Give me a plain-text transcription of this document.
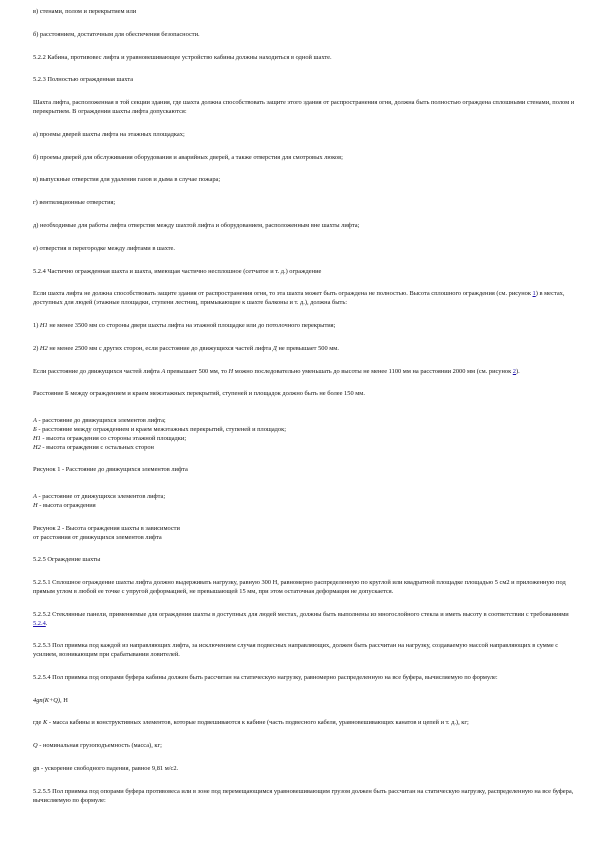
в) стенами, полом и перекрытием или

б) расстоянием, достаточным для обеспечения безопасности.

5.2.2 Кабина, противовес лифта и уравновешивающее устройство кабины должны находиться в одной шахте.

5.2.3 Полностью огражденная шахта

Шахта лифта, расположенная в той секции здания, где шахта должна способствовать защите этого здания от распространения огня, должна быть полностью ограждена сплошными стенами, полом и перекрытием. В ограждении шахты лифта допускаются:

а) проемы дверей шахты лифта на этажных площадках;

б) проемы дверей для обслуживания оборудования и аварийных дверей, а также отверстия для смотровых люков;

в) выпускные отверстия для удаления газов и дыма в случае пожара;

г) вентиляционные отверстия;

д) необходимые для работы лифта отверстия между шахтой лифта и оборудованием, расположенным вне шахты лифта;

е) отверстия в перегородке между лифтами в шахте.

5.2.4 Частично огражденная шахта и шахта, имеющая частично несплошное (сетчатое и т. д.) ограждение

Если шахта лифта не должна способствовать защите здания от распространения огня, то эта шахта может быть ограждена не полностью. Высота сплошного ограждения (см. рисунок 1) в местах, доступных для людей (этажные площадки, ступени лестниц, примыкающие к шахте балконы и т. д.), должна быть:

1) Н1 не менее 3500 мм со стороны двери шахты лифта на этажной площадке или до потолочного перекрытия;

2) Н2 не менее 2500 мм с других сторон, если расстояние до движущихся частей лифта Д не превышает 500 мм.

Если расстояние до движущихся частей лифта А превышает 500 мм, то Н можно последовательно уменьшать до высоты не менее 1100 мм на расстоянии 2000 мм (см. рисунок 2).

Расстояние Б между ограждением и краем межэтажных перекрытий, ступеней и площадок должно быть не более 150 мм.

А - расстояние до движущихся элементов лифта;

Б - расстояние между ограждением и краем межэтажных перекрытий, ступеней и площадок;

Н1 - высота ограждения со стороны этажной площадки;

Н2 - высота ограждения с остальных сторон

Рисунок 1 - Расстояние до движущихся элементов лифта

А - расстояние от движущихся элементов лифта;

Н - высота ограждения

Рисунок 2 - Высота ограждения шахты в зависимости

от расстояния от движущихся элементов лифта

5.2.5 Ограждение шахты

5.2.5.1 Сплошное ограждение шахты лифта должно выдерживать нагрузку, равную 300 Н, равномерно распределенную по круглой или квадратной площадке площадью 5 см2 и приложенную под прямым углом в любой ее точке с упругой деформацией, не превышающей 15 мм, при этом остаточная деформация не допускается.

5.2.5.2 Стеклянные панели, применяемые для ограждения шахты в доступных для людей местах, должны быть выполнены из многослойного стекла и иметь высоту в соответствии с требованиями 5.2.4.

5.2.5.3 Пол приямка под каждой из направляющих лифта, за исключением случая подвесных направляющих, должен быть рассчитан на нагрузку, создаваемую массой направляющих в сумме с усилием, возникающим при срабатывании ловителей.

5.2.5.4 Пол приямка под опорами буфера кабины должен быть рассчитан на статическую нагрузку, равномерно распределенную на все буфера, вычисляемую по формуле:

4gn(K+Q), Н

где К - масса кабины и конструктивных элементов, которые подвешиваются к кабине (часть подвесного кабеля, уравновешивающих канатов и цепей и т. д.), кг;

Q - номинальная грузоподъемность (масса), кг;

gn - ускорение свободного падения, равное 9,81 м/с2.

5.2.5.5 Пол приямка под опорами буфера противовеса или в зоне под перемещающимся уравновешивающим грузом должен быть рассчитан на статическую нагрузку, распределенную на все буфера, вычисляемую по формуле:
